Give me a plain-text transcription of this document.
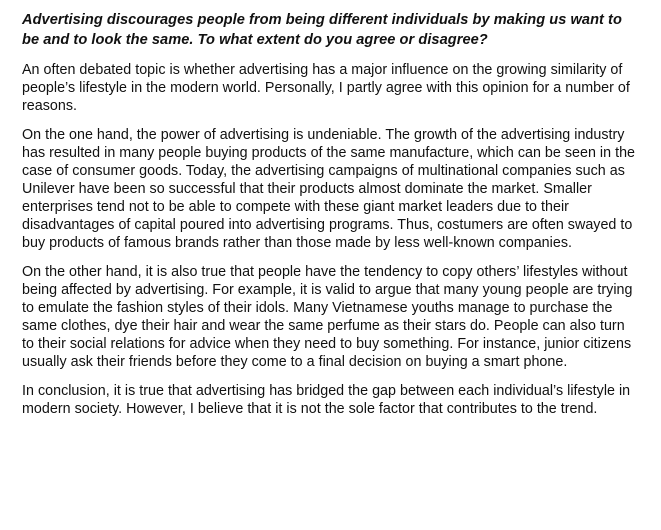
Advertising discourages people from being different individuals by making us want to be and to look the same. To what extent do you agree or disagree?

An often debated topic is whether advertising has a major influence on the growing similarity of people’s lifestyle in the modern world. Personally, I partly agree with this opinion for a number of reasons.

On the one hand, the power of advertising is undeniable. The growth of the advertising industry has resulted in many people buying products of the same manufacture, which can be seen in the case of consumer goods. Today, the advertising campaigns of multinational companies such as Unilever have been so successful that their products almost dominate the market. Smaller enterprises tend not to be able to compete with these giant market leaders due to their disadvantages of capital poured into advertising programs. Thus, costumers are often swayed to buy products of famous brands rather than those made by less well-known companies.

On the other hand, it is also true that people have the tendency to copy others’ lifestyles without being affected by advertising. For example, it is valid to argue that many young people are trying to emulate the fashion styles of their idols. Many Vietnamese youths manage to purchase the same clothes, dye their hair and wear the same perfume as their stars do. People can also turn to their social relations for advice when they need to buy something. For instance, junior citizens usually ask their friends before they come to a final decision on buying a smart phone.

In conclusion, it is true that advertising has bridged the gap between each individual’s lifestyle in modern society. However, I believe that it is not the sole factor that contributes to the trend.
